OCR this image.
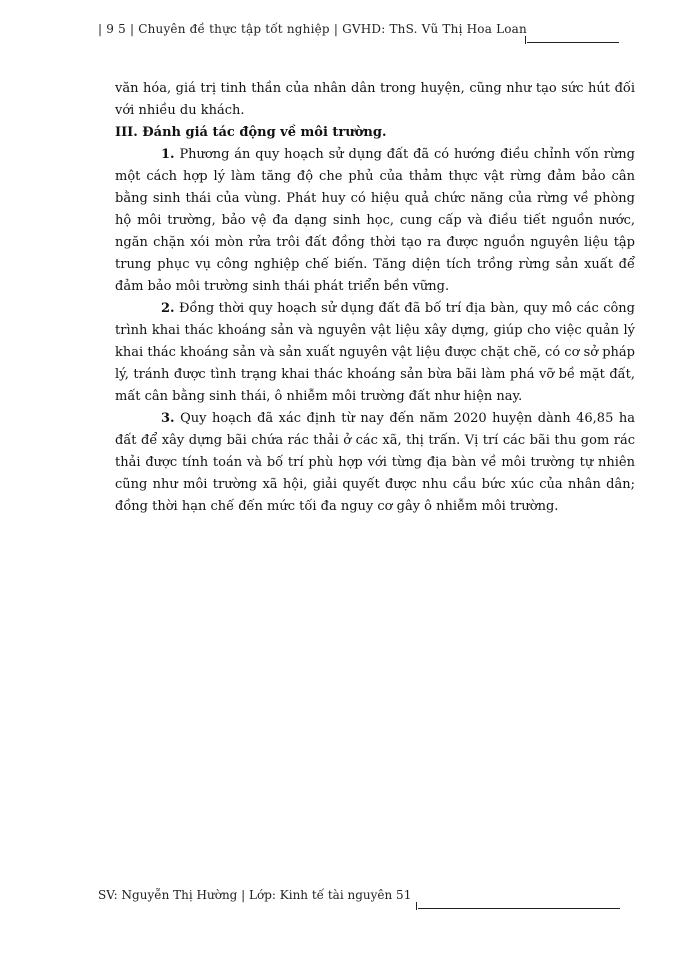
| 9 5 | Chuyên đề thực tập tốt nghiệp | GVHD: ThS. Vũ Thị Hoa Loan

văn hóa, giá trị tinh thần của nhân dân trong huyện, cũng như tạo sức hút đối với nhiều du khách.

III. Đánh giá tác động về môi trường.

1. Phương án quy hoạch sử dụng đất đã có hướng điều chỉnh vốn rừng một cách hợp lý làm tăng độ che phủ của thảm thực vật rừng đảm bảo cân bằng sinh thái của vùng. Phát huy có hiệu quả chức năng của rừng về phòng hộ môi trường, bảo vệ đa dạng sinh học, cung cấp và điều tiết nguồn nước, ngăn chặn xói mòn rửa trôi đất đồng thời tạo ra được nguồn nguyên liệu tập trung phục vụ công nghiệp chế biến. Tăng diện tích trồng rừng sản xuất để đảm bảo môi trường sinh thái phát triển bền vững.

2. Đồng thời quy hoạch sử dụng đất đã bố trí địa bàn, quy mô các công trình khai thác khoáng sản và nguyên vật liệu xây dựng, giúp cho việc quản lý khai thác khoáng sản và sản xuất nguyên vật liệu được chặt chẽ, có cơ sở pháp lý, tránh được tình trạng khai thác khoáng sản bừa bãi làm phá vỡ bề mặt đất, mất cân bằng sinh thái, ô nhiễm môi trường đất như hiện nay.

3. Quy hoạch đã xác định từ nay đến năm 2020 huyện dành 46,85 ha đất để xây dựng bãi chứa rác thải ở các xã, thị trấn. Vị trí các bãi thu gom rác thải được tính toán và bố trí phù hợp với từng địa bàn về môi trường tự nhiên cũng như môi trường xã hội, giải quyết được nhu cầu bức xúc của nhân dân; đồng thời hạn chế đến mức tối đa nguy cơ gây ô nhiễm môi trường.

SV: Nguyễn Thị Hường | Lớp: Kinh tế tài nguyên 51
